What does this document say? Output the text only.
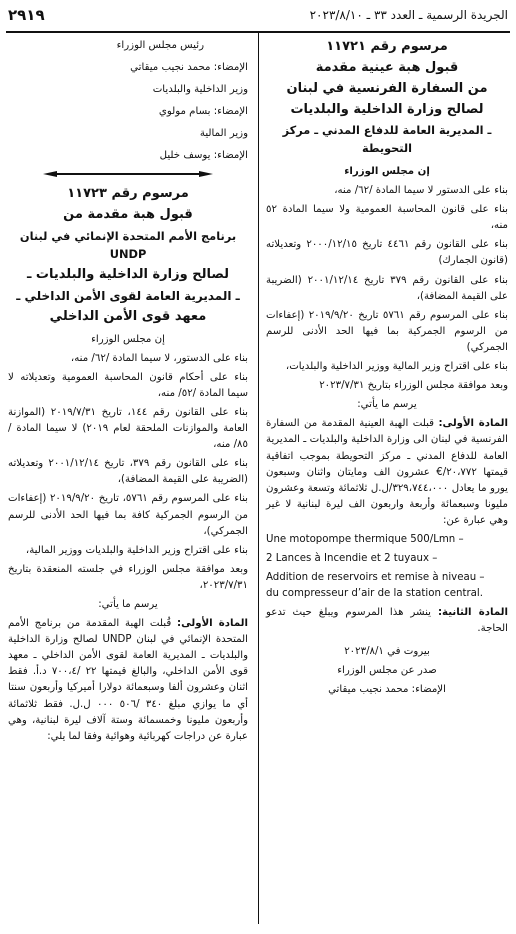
الجريدة الرسمية ـ العدد ٣٣ ـ ٢٠٢٣/٨/١٠
٢٩١٩

مرسوم رقم ١١٧٢١

قبول هبة عينية مقدمة

من السفارة الفرنسية في لبنان

لصالح وزارة الداخلية والبلديات

ـ المديرية العامة للدفاع المدني ـ مركز التحويطة

إن مجلس الوزراء

بناء على الدستور لا سيما المادة /٦٢/ منه،

بناء على قانون المحاسبة العمومية ولا سيما المادة ٥٢ منه،

بناء على القانون رقم ٤٤٦١ تاريخ ٢٠٠٠/١٢/١٥ وتعديلاته (قانون الجمارك)

بناء على القانون رقم ٣٧٩ تاريخ ٢٠٠١/١٢/١٤ (الضريبة على القيمة المضافة)،

بناء على المرسوم رقم ٥٧٦١ تاريخ ٢٠١٩/٩/٢٠ (إعفاءات من الرسوم الجمركية بما فيها الحد الأدنى للرسم الجمركي)

بناء على اقتراح وزير المالية ووزير الداخلية والبلديات،

وبعد موافقة مجلس الوزراء بتاريخ ٢٠٢٣/٧/٣١

يرسم ما يأتي:

المادة الأولى: قبلت الهبة العينية المقدمة من السفارة الفرنسية في لبنان الى وزارة الداخلية والبلديات ـ المديرية العامة للدفاع المدني ـ مركز التحويطة بموجب اتفاقية قيمتها ٢٠،٧٧٢/€ عشرون الف ومايتان واثنان وسبعون يورو ما يعادل ٣٢٩،٧٤٤،٠٠٠/ل.ل ثلاثمائة وتسعة وعشرون مليونا وسبعمائة وأربعة واربعون الف ليرة لبنانية لا غير وهي عبارة عن:

Une motopompe thermique 500/Lmn –

2 Lances à Incendie et 2 tuyaux –

Addition de reservoirs et remise à niveau –

du compresseur d’air de la station central.

المادة الثانية: ينشر هذا المرسوم ويبلغ حيث تدعو الحاجة.

بيروت في ٢٠٢٣/٨/١

صدر عن مجلس الوزراء

الإمضاء: محمد نجيب ميقاتي

رئيس مجلس الوزراء

الإمضاء: محمد نجيب ميقاتي

وزير الداخلية والبلديات

الإمضاء: بسام مولوي

وزير المالية

الإمضاء: يوسف خليل

مرسوم رقم ١١٧٢٣

قبول هبة مقدمة من

برنامج الأمم المتحدة الإنمائي في لبنان UNDP

لصالح وزارة الداخلية والبلديات ـ

ـ المديرية العامة لقوى الأمن الداخلي ـ

معهد قوى الأمن الداخلي

إن مجلس الوزراء

بناء على الدستور، لا سيما المادة /٦٢/ منه،

بناء على أحكام قانون المحاسبة العمومية وتعديلاته لا سيما المادة /٥٢/ منه،

بناء على القانون رقم ١٤٤، تاريخ ٢٠١٩/٧/٣١ (الموازنة العامة والموازنات الملحقة لعام ٢٠١٩) لا سيما المادة /٨٥/ منه،

بناء على القانون رقم ٣٧٩، تاريخ ٢٠٠١/١٢/١٤ وتعديلاته (الضريبة على القيمة المضافة)،

بناء على المرسوم رقم ٥٧٦١، تاريخ ٢٠١٩/٩/٢٠ (إعفاءات من الرسوم الجمركية كافة بما فيها الحد الأدنى للرسم الجمركي)،

بناء على اقتراح وزير الداخلية والبلديات ووزير المالية،

وبعد موافقة مجلس الوزراء في جلسته المنعقدة بتاريخ ٢٠٢٣/٧/٣١،

يرسم ما يأتي:

المادة الأولى: قُبلت الهبة المقدمة من برنامج الأمم المتحدة الإنمائي في لبنان UNDP لصالح وزارة الداخلية والبلديات ـ المديرية العامة لقوى الأمن الداخلي ـ معهد قوى الأمن الداخلي، والبالغ قيمتها ٢٢ /٧٠٠،٤ د.أ. فقط اثنان وعشرون ألفا وسبعمائة دولارا أميركيا وأربعون سنتا أي ما يوازي مبلغ ٣٤٠ /٥٠٦ ٠٠٠ ل.ل. فقط ثلاثمائة وأربعون مليونا وخمسمائة وستة آلاف ليرة لبنانية، وهي عبارة عن دراجات كهربائية وهوائية وفقا لما يلي:
